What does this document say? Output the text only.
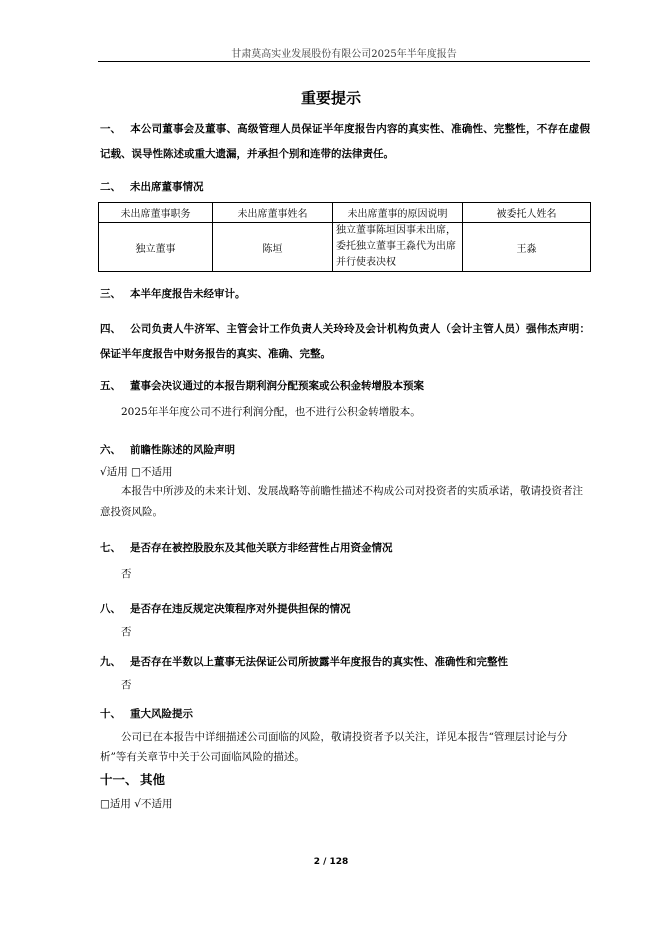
甘肃莫高实业发展股份有限公司2025年半年度报告
重要提示
一、 本公司董事会及董事、高级管理人员保证半年度报告内容的真实性、准确性、完整性，不存在虚假记载、误导性陈述或重大遗漏，并承担个别和连带的法律责任。
二、 未出席董事情况
未出席董事职务	未出席董事姓名	未出席董事的原因说明	被委托人姓名
独立董事	陈垣	独立董事陈垣因事未出席，委托独立董事王淼代为出席并行使表决权	王淼
三、 本半年度报告未经审计。
四、 公司负责人牛济军、主管会计工作负责人关玲玲及会计机构负责人（会计主管人员）强伟杰声明：保证半年度报告中财务报告的真实、准确、完整。
五、 董事会决议通过的本报告期利润分配预案或公积金转增股本预案
2025年半年度公司不进行利润分配，也不进行公积金转增股本。
六、 前瞻性陈述的风险声明
√适用 □不适用
本报告中所涉及的未来计划、发展战略等前瞻性描述不构成公司对投资者的实质承诺，敬请投资者注意投资风险。
七、 是否存在被控股股东及其他关联方非经营性占用资金情况
否
八、 是否存在违反规定决策程序对外提供担保的情况
否
九、 是否存在半数以上董事无法保证公司所披露半年度报告的真实性、准确性和完整性
否
十、 重大风险提示
公司已在本报告中详细描述公司面临的风险，敬请投资者予以关注，详见本报告“管理层讨论与分析”等有关章节中关于公司面临风险的描述。
十一、 其他
□适用 √不适用
2 / 128
